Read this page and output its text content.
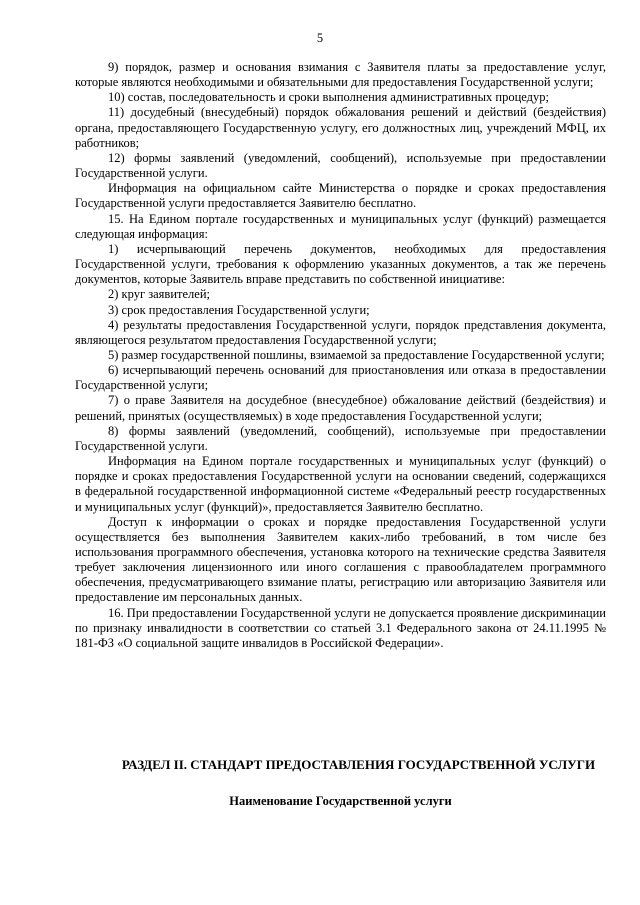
5

9) порядок, размер и основания взимания с Заявителя платы за предоставление услуг, которые являются необходимыми и обязательными для предоставления Государственной услуги;

10) состав, последовательность и сроки выполнения административных процедур;

11) досудебный (внесудебный) порядок обжалования решений и действий (бездействия) органа, предоставляющего Государственную услугу, его должностных лиц, учреждений МФЦ, их работников;

12) формы заявлений (уведомлений, сообщений), используемые при предоставлении Государственной услуги.

Информация на официальном сайте Министерства о порядке и сроках предоставления Государственной услуги предоставляется Заявителю бесплатно.

15. На Едином портале государственных и муниципальных услуг (функций) размещается следующая информация:

1) исчерпывающий перечень документов, необходимых для предоставления Государственной услуги, требования к оформлению указанных документов, а так же перечень документов, которые Заявитель вправе представить по собственной инициативе:

2) круг заявителей;

3) срок предоставления Государственной услуги;

4) результаты предоставления Государственной услуги, порядок представления документа, являющегося результатом предоставления Государственной услуги;

5) размер государственной пошлины, взимаемой за предоставление Государственной услуги;

6) исчерпывающий перечень оснований для приостановления или отказа в предоставлении Государственной услуги;

7) о праве Заявителя на досудебное (внесудебное) обжалование действий (бездействия) и решений, принятых (осуществляемых) в ходе предоставления Государственной услуги;

8) формы заявлений (уведомлений, сообщений), используемые при предоставлении Государственной услуги.

Информация на Едином портале государственных и муниципальных услуг (функций) о порядке и сроках предоставления Государственной услуги на основании сведений, содержащихся в федеральной государственной информационной системе «Федеральный реестр государственных и муниципальных услуг (функций)», предоставляется Заявителю бесплатно.

Доступ к информации о сроках и порядке предоставления Государственной услуги осуществляется без выполнения Заявителем каких-либо требований, в том числе без использования программного обеспечения, установка которого на технические средства Заявителя требует заключения лицензионного или иного соглашения с правообладателем программного обеспечения, предусматривающего взимание платы, регистрацию или авторизацию Заявителя или предоставление им персональных данных.

16. При предоставлении Государственной услуги не допускается проявление дискриминации по признаку инвалидности в соответствии со статьей 3.1 Федерального закона от 24.11.1995 № 181-ФЗ «О социальной защите инвалидов в Российской Федерации».

РАЗДЕЛ II. СТАНДАРТ ПРЕДОСТАВЛЕНИЯ ГОСУДАРСТВЕННОЙ УСЛУГИ
Наименование Государственной услуги
